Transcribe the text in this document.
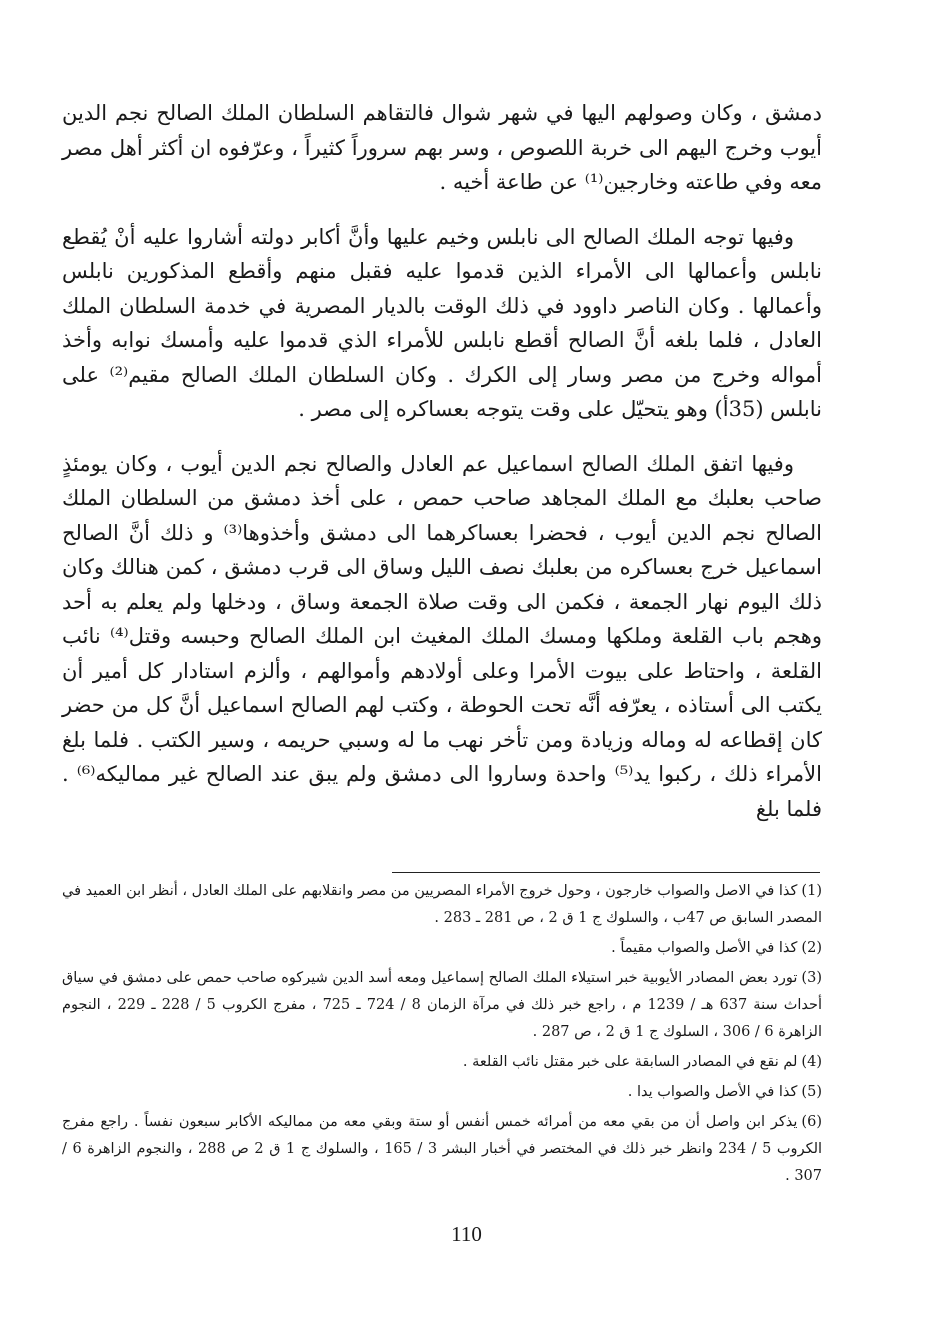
دمشق ، وكان وصولهم اليها في شهر شوال فالتقاهم السلطان الملك الصالح نجم الدين أيوب وخرج اليهم الى خربة اللصوص ، وسر بهم سروراً كثيراً ، وعرّفوه ان أكثر أهل مصر معه وفي طاعته وخارجين⁽¹⁾ عن طاعة أخيه .

وفيها توجه الملك الصالح الى نابلس وخيم عليها وأنَّ أكابر دولته أشاروا عليه أنْ يُقطع نابلس وأعمالها الى الأمراء الذين قدموا عليه فقبل منهم وأقطع المذكورين نابلس وأعمالها . وكان الناصر داوود في ذلك الوقت بالديار المصرية في خدمة السلطان الملك العادل ، فلما بلغه أنَّ الصالح أقطع نابلس للأمراء الذي قدموا عليه وأمسك نوابه وأخذ أمواله وخرج من مصر وسار إلى الكرك . وكان السلطان الملك الصالح مقيم⁽²⁾ على نابلس (35أ) وهو يتحيّل على وقت يتوجه بعساكره إلى مصر .

وفيها اتفق الملك الصالح اسماعيل عم العادل والصالح نجم الدين أيوب ، وكان يومئذٍ صاحب بعلبك مع الملك المجاهد صاحب حمص ، على أخذ دمشق من السلطان الملك الصالح نجم الدين أيوب ، فحضرا بعساكرهما الى دمشق وأخذوها⁽³⁾ و ذلك أنَّ الصالح اسماعيل خرج بعساكره من بعلبك نصف الليل وساق الى قرب دمشق ، كمن هنالك وكان ذلك اليوم نهار الجمعة ، فكمن الى وقت صلاة الجمعة وساق ، ودخلها ولم يعلم به أحد وهجم باب القلعة وملكها ومسك الملك المغيث ابن الملك الصالح وحبسه وقتل⁽⁴⁾ نائب القلعة ، واحتاط على بيوت الأمرا وعلى أولادهم وأموالهم ، وألزم استادار كل أمير أن يكتب الى أستاذه ، يعرّفه أنَّه تحت الحوطة ، وكتب لهم الصالح اسماعيل أنَّ كل من حضر كان إقطاعه له وماله وزيادة ومن تأخر نهب ما له وسبي حريمه ، وسير الكتب . فلما بلغ الأمراء ذلك ، ركبوا يد⁽⁵⁾ واحدة وساروا الى دمشق ولم يبق عند الصالح غير مماليكه⁽⁶⁾ . فلما بلغ

(1)كذا في الاصل والصواب خارجون ، وحول خروج الأمراء المصريين من مصر وانقلابهم على الملك العادل ، أنظر ابن العميد في المصدر السابق ص 47ب ، والسلوك ج 1 ق 2 ، ص 281 ـ 283 .

(2)كذا في الأصل والصواب مقيماً .

(3)تورد بعض المصادر الأيوبية خبر استيلاء الملك الصالح إسماعيل ومعه أسد الدين شيركوه صاحب حمص على دمشق في سياق أحداث سنة 637 هـ / 1239 م ، راجع خبر ذلك في مرآة الزمان 8 / 724 ـ 725 ، مفرج الكروب 5 / 228 ـ 229 ، النجوم الزاهرة 6 / 306 ، السلوك ج 1 ق 2 ، ص 287 .

(4)لم نقع في المصادر السابقة على خبر مقتل نائب القلعة .

(5)كذا في الأصل والصواب يدا .

(6)يذكر ابن واصل أن من بقي معه من أمرائه خمس أنفس أو ستة وبقي معه من مماليكه الأكابر سبعون نفساً . راجع مفرج الكروب 5 / 234 وانظر خبر ذلك في المختصر في أخبار البشر 3 / 165 ، والسلوك ج 1 ق 2 ص 288 ، والنجوم الزاهرة 6 / 307 .

110
